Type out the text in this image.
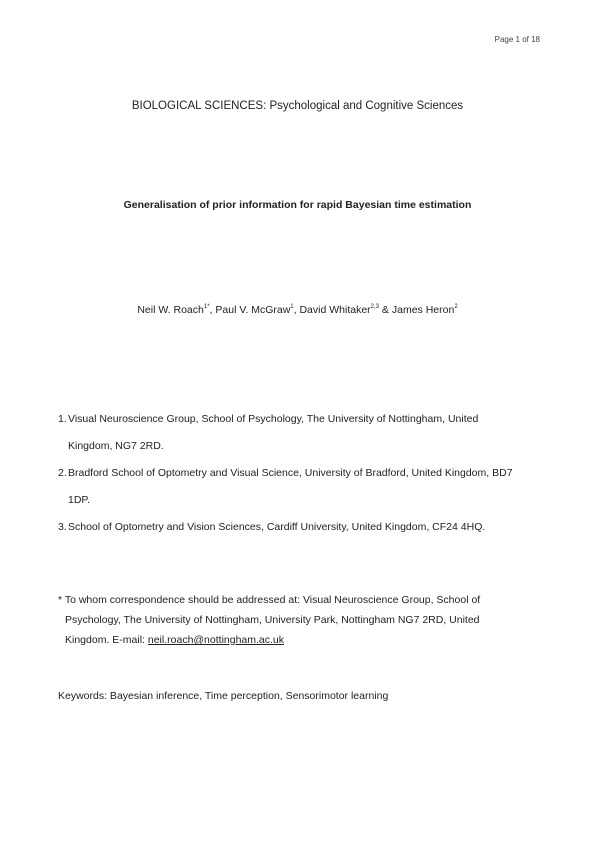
Page 1 of 18
BIOLOGICAL SCIENCES: Psychological and Cognitive Sciences
Generalisation of prior information for rapid Bayesian time estimation
Neil W. Roach$^{1*}$, Paul V. McGraw$^1$, David Whitaker$^{2,3}$ & James Heron$^2$
1. Visual Neuroscience Group, School of Psychology, The University of Nottingham, United
Kingdom, NG7 2RD.
2. Bradford School of Optometry and Visual Science, University of Bradford, United Kingdom, BD7
1DP.
3. School of Optometry and Vision Sciences, Cardiff University, United Kingdom, CF24 4HQ.
* To whom correspondence should be addressed at: Visual Neuroscience Group, School of
Psychology, The University of Nottingham, University Park, Nottingham NG7 2RD, United
Kingdom. E-mail: neil.roach@nottingham.ac.uk
Keywords: Bayesian inference, Time perception, Sensorimotor learning
